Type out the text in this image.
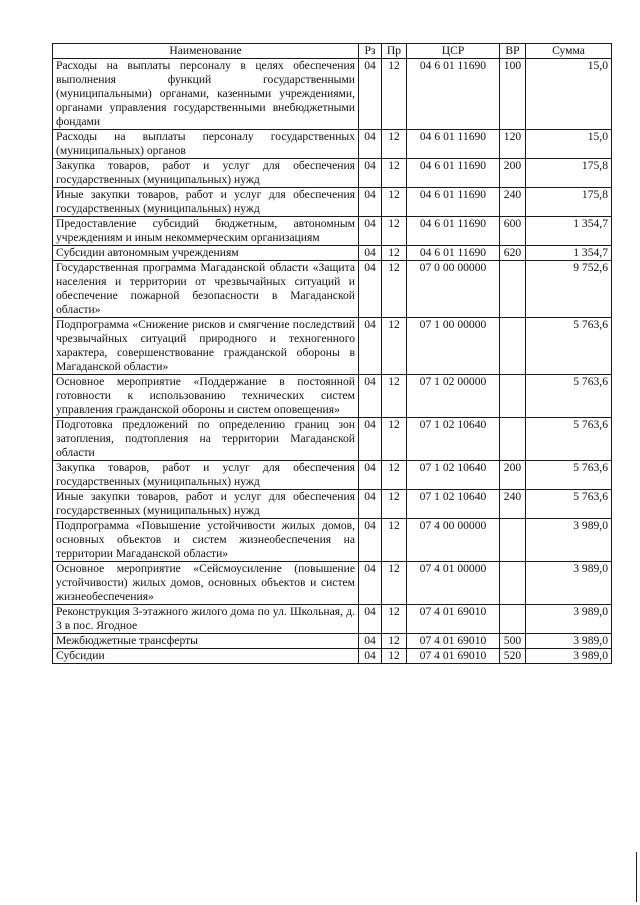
Наименование	Рз	Пр	ЦСР	ВР	Сумма
Расходы на выплаты персоналу в целях обеспечения выполнения функций государственными (муниципальными) органами, казенными учреждениями, органами управления государственными внебюджетными фондами	04	12	04 6 01 11690	100	15,0
Расходы на выплаты персоналу государственных (муниципальных) органов	04	12	04 6 01 11690	120	15,0
Закупка товаров, работ и услуг для обеспечения государственных (муниципальных) нужд	04	12	04 6 01 11690	200	175,8
Иные закупки товаров, работ и услуг для обеспечения государственных (муниципальных) нужд	04	12	04 6 01 11690	240	175,8
Предоставление субсидий бюджетным, автономным учреждениям и иным некоммерческим организациям	04	12	04 6 01 11690	600	1 354,7
Субсидии автономным учреждениям	04	12	04 6 01 11690	620	1 354,7
Государственная программа Магаданской области «Защита населения и территории от чрезвычайных ситуаций и обеспечение пожарной безопасности в Магаданской области»	04	12	07 0 00 00000		9 752,6
Подпрограмма «Снижение рисков и смягчение последствий чрезвычайных ситуаций природного и техногенного характера, совершенствование гражданской обороны в Магаданской области»	04	12	07 1 00 00000		5 763,6
Основное мероприятие «Поддержание в постоянной готовности к использованию технических систем управления гражданской обороны и систем оповещения»	04	12	07 1 02 00000		5 763,6
Подготовка предложений по определению границ зон затопления, подтопления на территории Магаданской области	04	12	07 1 02 10640		5 763,6
Закупка товаров, работ и услуг для обеспечения государственных (муниципальных) нужд	04	12	07 1 02 10640	200	5 763,6
Иные закупки товаров, работ и услуг для обеспечения государственных (муниципальных) нужд	04	12	07 1 02 10640	240	5 763,6
Подпрограмма «Повышение устойчивости жилых домов, основных объектов и систем жизнеобеспечения на территории Магаданской области»	04	12	07 4 00 00000		3 989,0
Основное мероприятие «Сейсмоусиление (повышение устойчивости) жилых домов, основных объектов и систем жизнеобеспечения»	04	12	07 4 01 00000		3 989,0
Реконструкция 3-этажного жилого дома по ул. Школьная, д. 3 в пос. Ягодное	04	12	07 4 01 69010		3 989,0
Межбюджетные трансферты	04	12	07 4 01 69010	500	3 989,0
Субсидии	04	12	07 4 01 69010	520	3 989,0
